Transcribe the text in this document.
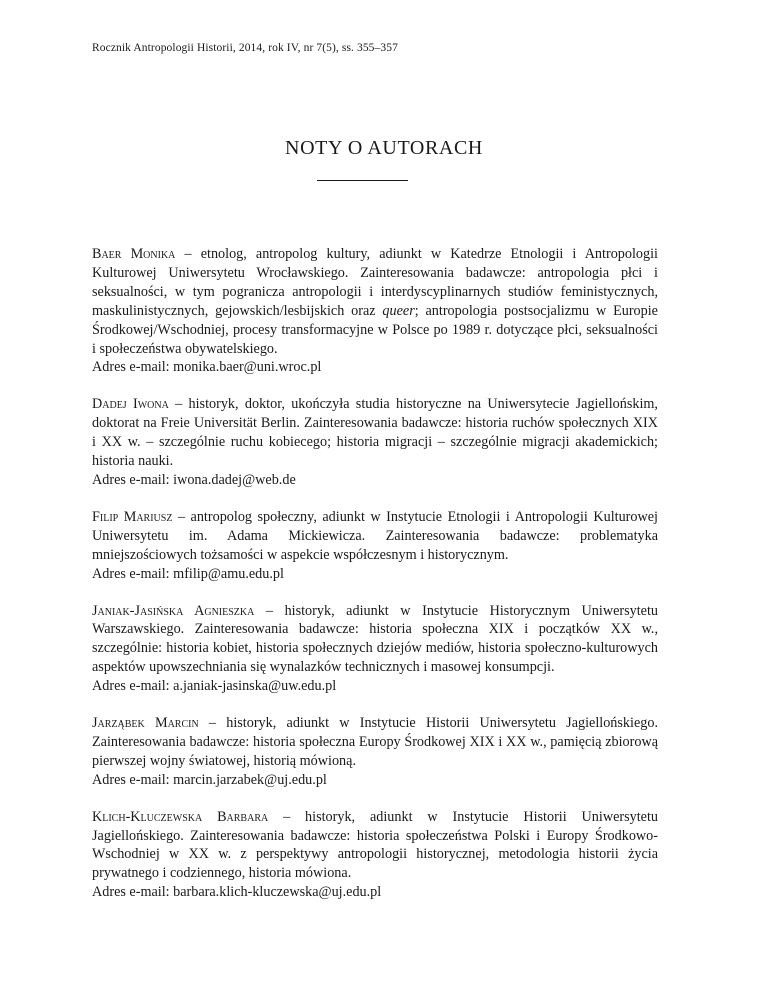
Rocznik Antropologii Historii, 2014, rok IV, nr 7(5), ss. 355–357
NOTY O AUTORACH
Baer Monika – etnolog, antropolog kultury, adiunkt w Katedrze Etnologii i Antropologii Kulturowej Uniwersytetu Wrocławskiego. Zainteresowania badawcze: antropologia płci i seksualności, w tym pogranicza antropologii i interdyscyplinarnych studiów feministycznych, maskulinistycznych, gejowskich/lesbijskich oraz queer; antropologia postsocjalizmu w Europie Środkowej/Wschodniej, procesy transformacyjne w Polsce po 1989 r. dotyczące płci, seksualności i społeczeństwa obywatelskiego.
Adres e-mail: monika.baer@uni.wroc.pl
Dadej Iwona – historyk, doktor, ukończyła studia historyczne na Uniwersytecie Jagiellońskim, doktorat na Freie Universität Berlin. Zainteresowania badawcze: historia ruchów społecznych XIX i XX w. – szczególnie ruchu kobiecego; historia migracji – szczególnie migracji akademickich; historia nauki.
Adres e-mail: iwona.dadej@web.de
Filip Mariusz – antropolog społeczny, adiunkt w Instytucie Etnologii i Antropologii Kulturowej Uniwersytetu im. Adama Mickiewicza. Zainteresowania badawcze: problematyka mniejszościowych tożsamości w aspekcie współczesnym i historycznym.
Adres e-mail: mfilip@amu.edu.pl
Janiak-Jasińska Agnieszka – historyk, adiunkt w Instytucie Historycznym Uniwersytetu Warszawskiego. Zainteresowania badawcze: historia społeczna XIX i początków XX w., szczególnie: historia kobiet, historia społecznych dziejów mediów, historia społeczno-kulturowych aspektów upowszechniania się wynalazków technicznych i masowej konsumpcji.
Adres e-mail: a.janiak-jasinska@uw.edu.pl
Jarząbek Marcin – historyk, adiunkt w Instytucie Historii Uniwersytetu Jagiellońskiego. Zainteresowania badawcze: historia społeczna Europy Środkowej XIX i XX w., pamięcią zbiorową pierwszej wojny światowej, historią mówioną.
Adres e-mail: marcin.jarzabek@uj.edu.pl
Klich-Kluczewska Barbara – historyk, adiunkt w Instytucie Historii Uniwersytetu Jagiellońskiego. Zainteresowania badawcze: historia społeczeństwa Polski i Europy Środkowo-Wschodniej w XX w. z perspektywy antropologii historycznej, metodologia historii życia prywatnego i codziennego, historia mówiona.
Adres e-mail: barbara.klich-kluczewska@uj.edu.pl
